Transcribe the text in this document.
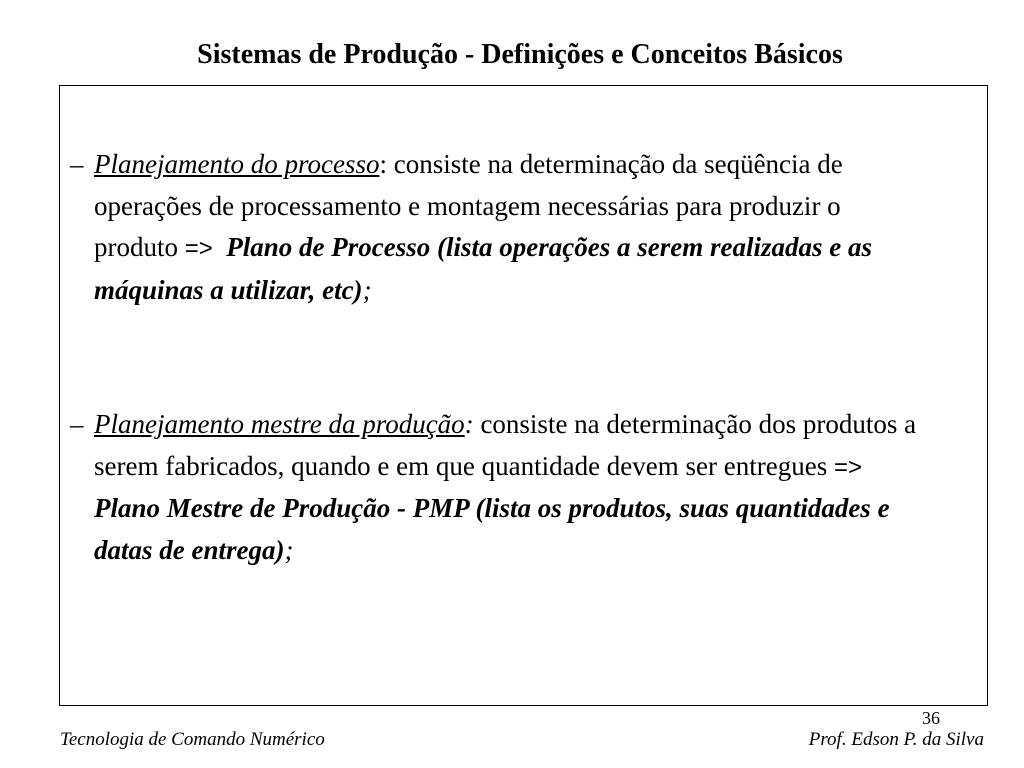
Sistemas de Produção - Definições e Conceitos Básicos
– Planejamento do processo: consiste na determinação da seqüência de operações de processamento e montagem necessárias para produzir o produto => Plano de Processo (lista operações a serem realizadas e as máquinas a utilizar, etc);
– Planejamento mestre da produção: consiste na determinação dos produtos a serem fabricados, quando e em que quantidade devem ser entregues =>  Plano Mestre de Produção - PMP (lista os produtos, suas quantidades e datas de entrega);
36
Tecnologia de Comando Numérico	Prof. Edson P. da Silva
